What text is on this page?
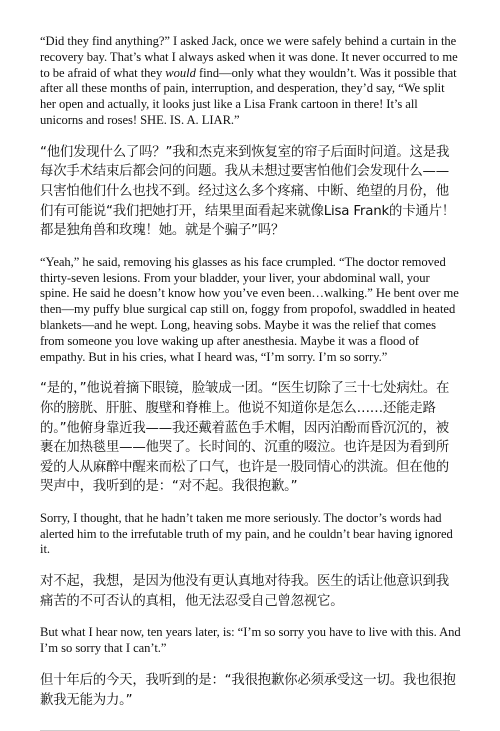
“Did they find anything?” I asked Jack, once we were safely behind a curtain in the recovery bay. That’s what I always asked when it was done. It never occurred to me to be afraid of what they would find—only what they wouldn’t. Was it possible that after all these months of pain, interruption, and desperation, they’d say, “We split her open and actually, it looks just like a Lisa Frank cartoon in there! It’s all unicorns and roses! SHE. IS. A. LIAR.”

“他们发现什么了吗？”我和杰克来到恢复室的帘子后面时问道。这是我每次手术结束后都会问的问题。我从未想过要害怕他们会发现什么——只害怕他们什么也找不到。经过这么多个疼痛、中断、绝望的月份，他们有可能说“我们把她打开，结果里面看起来就像Lisa Frank的卡通片！都是独角兽和玫瑰！她。就是个骗子”吗？

“Yeah,” he said, removing his glasses as his face crumpled. “The doctor removed thirty-seven lesions. From your bladder, your liver, your abdominal wall, your spine. He said he doesn’t know how you’ve even been…walking.” He bent over me then—my puffy blue surgical cap still on, foggy from propofol, swaddled in heated blankets—and he wept. Long, heaving sobs. Maybe it was the relief that comes from someone you love waking up after anesthesia. Maybe it was a flood of empathy. But in his cries, what I heard was, “I’m sorry. I’m so sorry.”

“是的，”他说着摘下眼镜，脸皱成一团。“医生切除了三十七处病灶。在你的膀胱、肝脏、腹壁和脊椎上。他说不知道你是怎么……还能走路的。”他俯身靠近我——我还戴着蓝色手术帽，因丙泊酚而昏沉沉的，被裹在加热毯里——他哭了。长时间的、沉重的啜泣。也许是因为看到所爱的人从麻醉中醒来而松了口气，也许是一股同情心的洪流。但在他的哭声中，我听到的是：“对不起。我很抱歉。”

Sorry, I thought, that he hadn’t taken me more seriously. The doctor’s words had alerted him to the irrefutable truth of my pain, and he couldn’t bear having ignored it.

对不起，我想，是因为他没有更认真地对待我。医生的话让他意识到我痛苦的不可否认的真相，他无法忍受自己曾忽视它。

But what I hear now, ten years later, is: “I’m so sorry you have to live with this. And I’m so sorry that I can’t.”

但十年后的今天，我听到的是：“我很抱歉你必须承受这一切。我也很抱歉我无能为力。”
